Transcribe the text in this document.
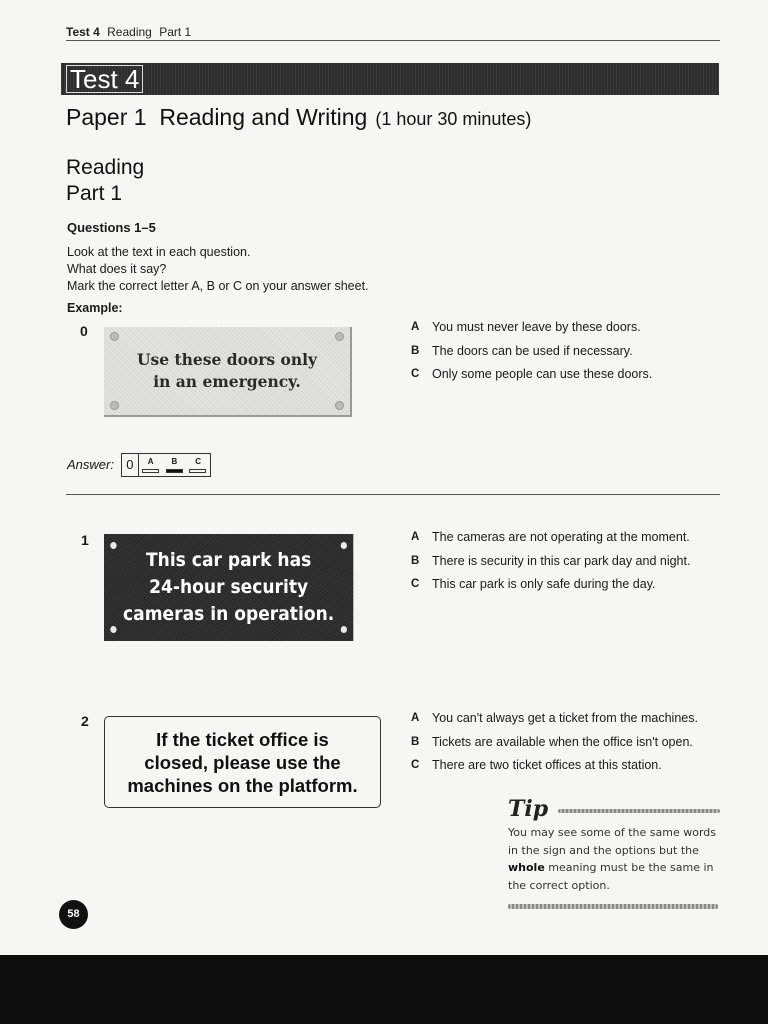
Test 4 Reading Part 1
Test 4
Paper 1  Reading and Writing (1 hour 30 minutes)
Reading
Part 1
Questions 1–5
Look at the text in each question.
What does it say?
Mark the correct letter A, B or C on your answer sheet.
Example:
0
Use these doors only
in an emergency.
A	You must never leave by these doors.
B	The doors can be used if necessary.
C	Only some people can use these doors.
Answer: 0	A	B	C
1
This car park has
24-hour security
cameras in operation.
A	The cameras are not operating at the moment.
B	There is security in this car park day and night.
C	This car park is only safe during the day.
2
If the ticket office is
closed, please use the
machines on the platform.
A	You can't always get a ticket from the machines.
B	Tickets are available when the office isn't open.
C	There are two ticket offices at this station.
Tip
You may see some of the same words in the sign and the options but the whole meaning must be the same in the correct option.
58
